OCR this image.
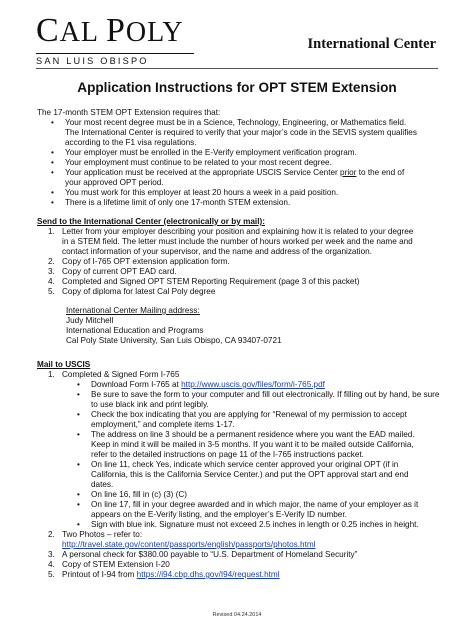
CAL POLY
SAN LUIS OBISPO
International Center
Application Instructions for OPT STEM Extension

The 17-month STEM OPT Extension requires that:

• Your most recent degree must be in a Science, Technology, Engineering, or Mathematics field.
The International Center is required to verify that your major’s code in the SEVIS system qualifies
according to the F1 visa regulations.
• Your employer must be enrolled in the E-Verify employment verification program.
• Your employment must continue to be related to your most recent degree.
• Your application must be received at the appropriate USCIS Service Center prior to the end of
your approved OPT period.
• You must work for this employer at least 20 hours a week in a paid position.
• There is a lifetime limit of only one 17-month STEM extension.

Send to the International Center (electronically or by mail):

1. Letter from your employer describing your position and explaining how it is related to your degree
in a STEM field. The letter must include the number of hours worked per week and the name and
contact information of your supervisor, and the name and address of the organization.
2. Copy of I-765 OPT extension application form.
3. Copy of current OPT EAD card.
4. Completed and Signed OPT STEM Reporting Requirement (page 3 of this packet)
5. Copy of diploma for latest Cal Poly degree
International Center Mailing address:
Judy Mitchell
International Education and Programs
Cal Poly State University, San Luis Obispo, CA 93407-0721

Mail to USCIS

1. Completed & Signed Form I-765
• Download Form I-765 at http://www.uscis.gov/files/form/i-765.pdf
• Be sure to save the form to your computer and fill out electronically. If filling out by hand, be sure
to use black ink and print legibly.
• Check the box indicating that you are applying for “Renewal of my permission to accept
employment,” and complete items 1-17.
• The address on line 3 should be a permanent residence where you want the EAD mailed.
Keep in mind it will be mailed in 3-5 months. If you want it to be mailed outside California,
refer to the detailed instructions on page 11 of the I-765 instructions packet.
• On line 11, check Yes, indicate which service center approved your original OPT (if in
California, this is the California Service Center.) and put the OPT approval start and end
dates.
• On line 16, fill in (c) (3) (C)
• On line 17, fill in your degree awarded and in which major, the name of your employer as it
appears on the E-Verify listing, and the employer’s E-Verify ID number.
• Sign with blue ink. Signature must not exceed 2.5 inches in length or 0.25 inches in height.
2. Two Photos – refer to:
http://travel.state.gov/content/passports/english/passports/photos.html
3. A personal check for $380.00 payable to “U.S. Department of Homeland Security”
4. Copy of STEM Extension I-20
5. Printout of I-94 from https://i94.cbp.dhs.gov/I94/request.html
Revised 04.24.2014
